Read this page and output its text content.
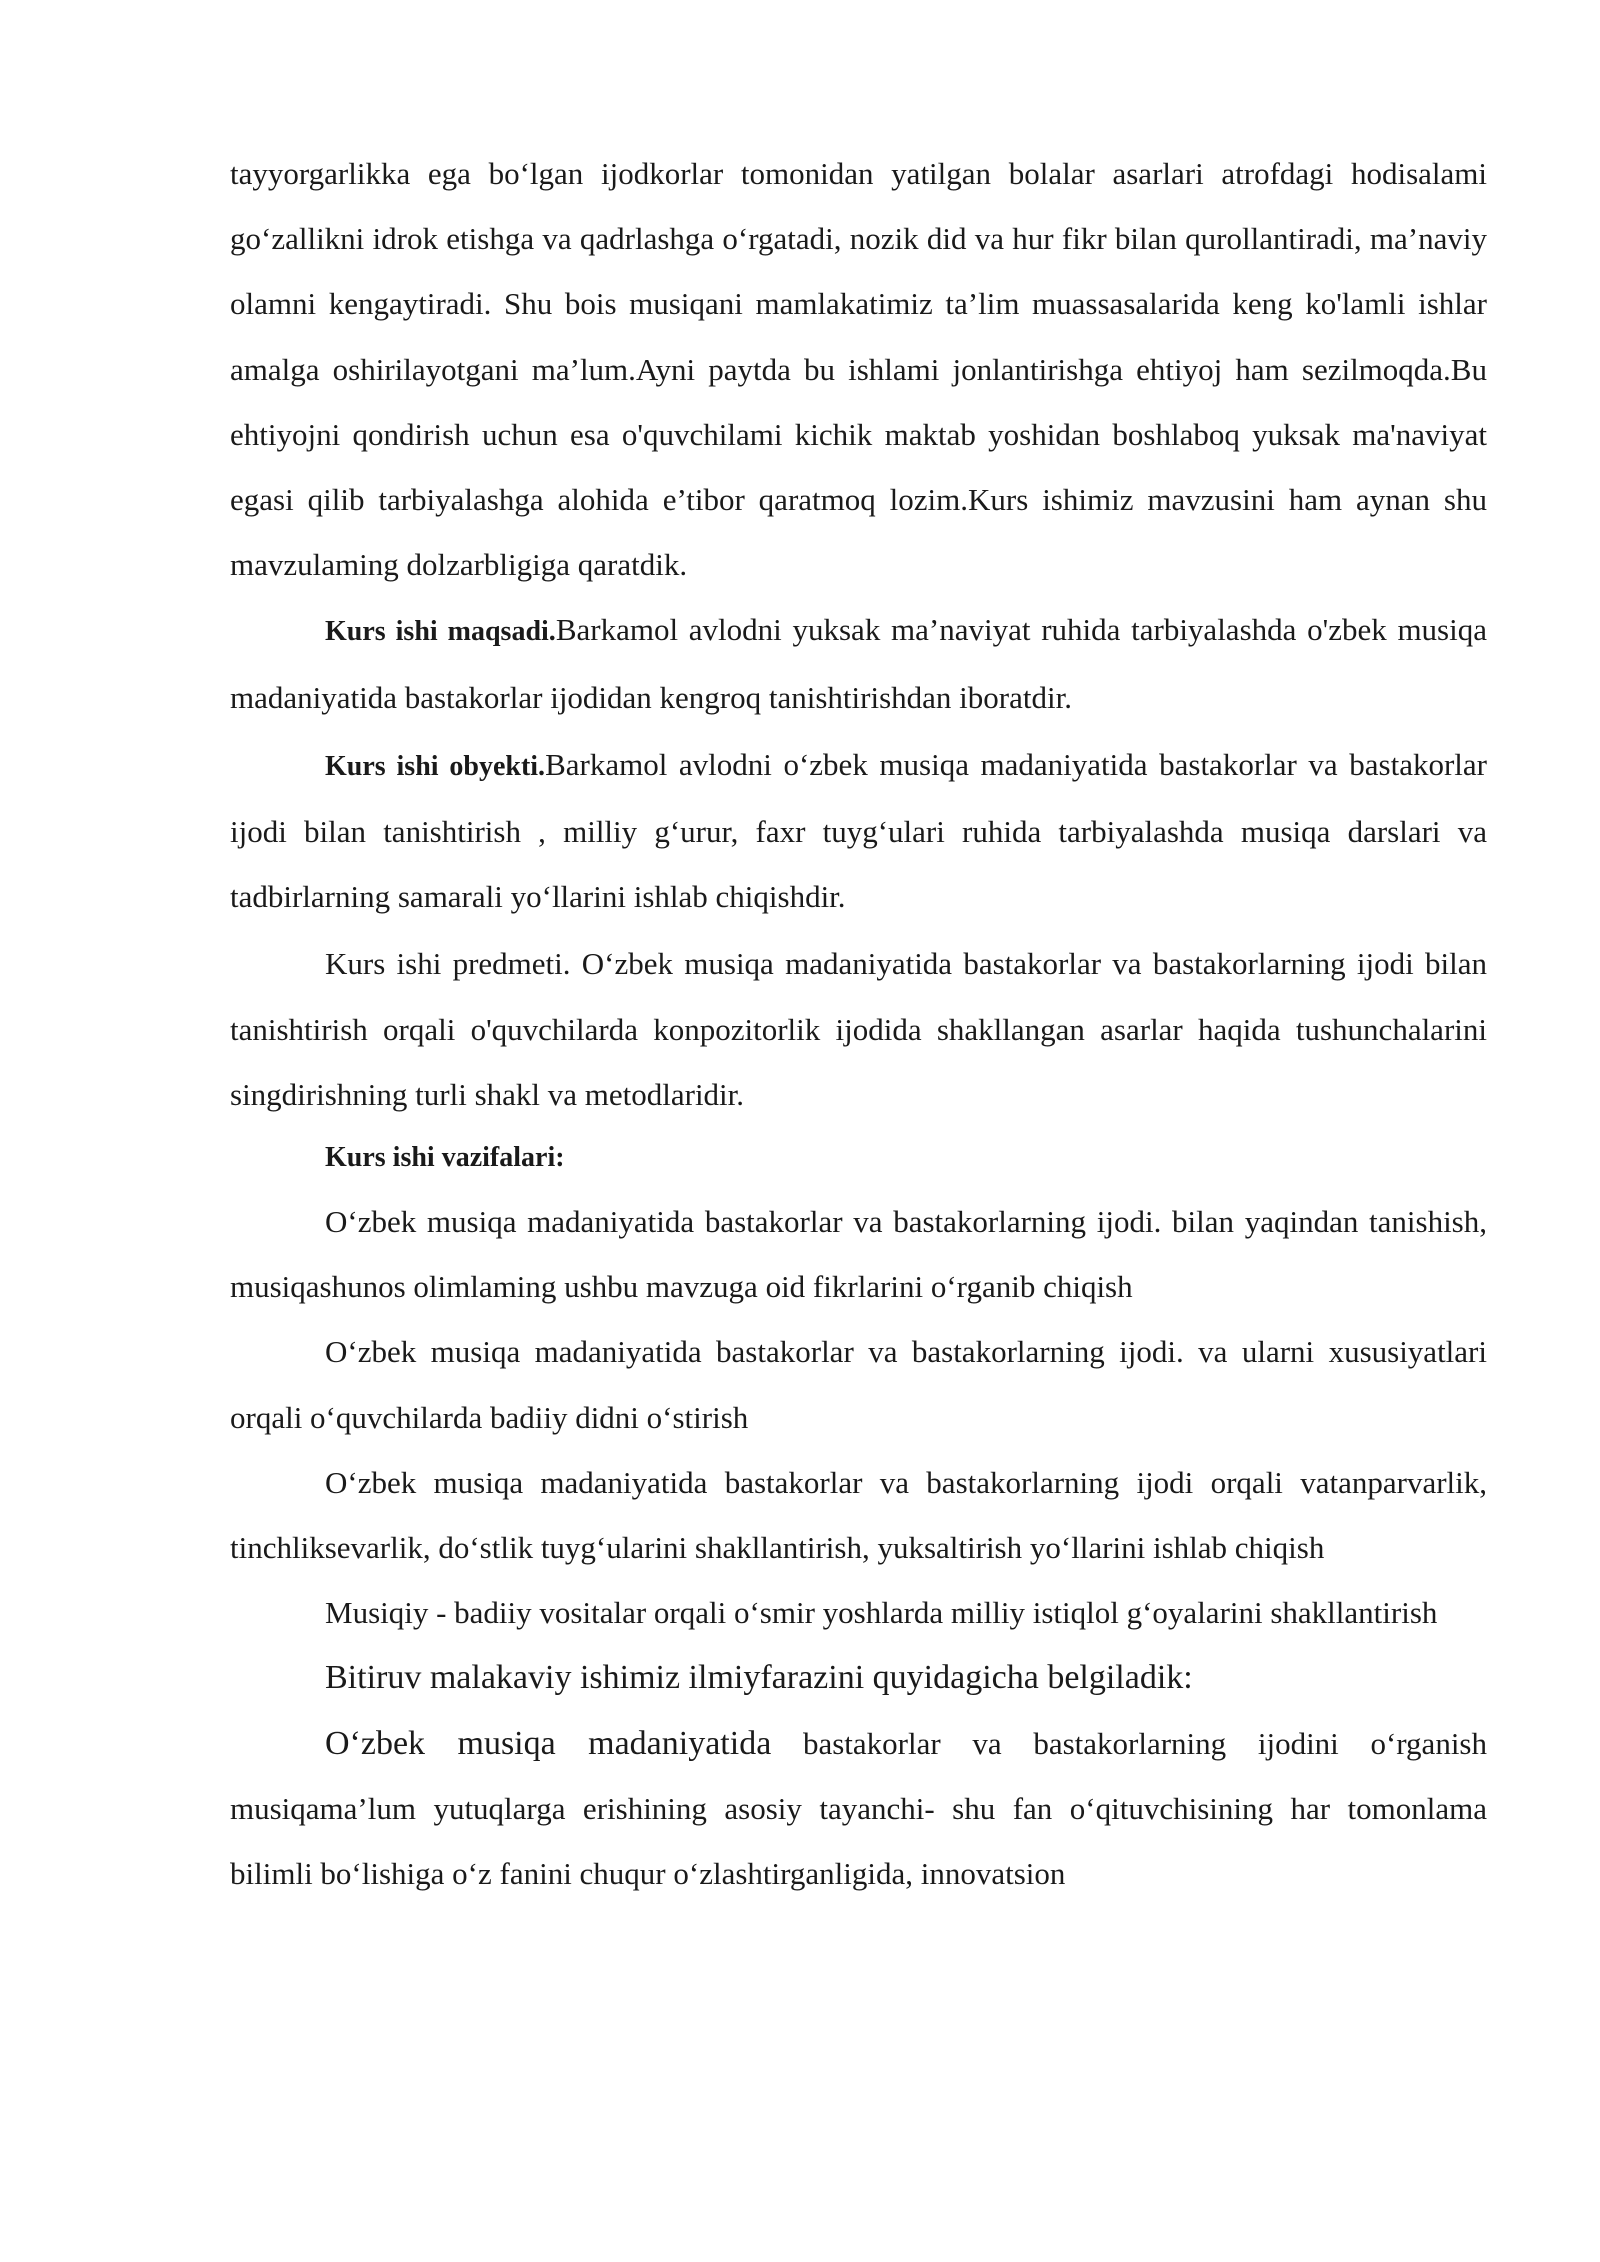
tayyorgarlikka ega bo‘lgan ijodkorlar tomonidan yatilgan bolalar asarlari atrofdagi hodisalami go‘zallikni idrok etishga va qadrlashga o‘rgatadi, nozik did va hur fikr bilan qurollantiradi, ma’naviy olamni kengaytiradi. Shu bois musiqani mamlakatimiz ta’lim muassasalarida keng ko'lamli ishlar amalga oshirilayotgani ma’lum.Ayni paytda bu ishlami jonlantirishga ehtiyoj ham sezilmoqda.Bu ehtiyojni qondirish uchun esa o'quvchilami kichik maktab yoshidan boshlaboq yuksak ma'naviyat egasi qilib tarbiyalashga alohida e’tibor qaratmoq lozim.Kurs ishimiz mavzusini ham aynan shu mavzulaming dolzarbligiga qaratdik.

Kurs ishi maqsadi.Barkamol avlodni yuksak ma’naviyat ruhida tarbiyalashda o'zbek musiqa madaniyatida bastakorlar ijodidan kengroq tanishtirishdan iboratdir.

Kurs ishi obyekti.Barkamol avlodni o‘zbek musiqa madaniyatida bastakorlar va bastakorlar ijodi bilan tanishtirish , milliy g‘urur, faxr tuyg‘ulari ruhida tarbiyalashda musiqa darslari va tadbirlarning samarali yo‘llarini ishlab chiqishdir.

Kurs ishi predmeti. O‘zbek musiqa madaniyatida bastakorlar va bastakorlarning ijodi bilan tanishtirish orqali o'quvchilarda konpozitorlik ijodida shakllangan asarlar haqida tushunchalarini singdirishning turli shakl va metodlaridir.

Kurs ishi vazifalari:

O‘zbek musiqa madaniyatida bastakorlar va bastakorlarning ijodi. bilan yaqindan tanishish, musiqashunos olimlaming ushbu mavzuga oid fikrlarini o‘rganib chiqish

O‘zbek musiqa madaniyatida bastakorlar va bastakorlarning ijodi. va ularni xususiyatlari orqali o‘quvchilarda badiiy didni o‘stirish

O‘zbek musiqa madaniyatida bastakorlar va bastakorlarning ijodi orqali vatanparvarlik, tinchliksevarlik, do‘stlik tuyg‘ularini shakllantirish, yuksaltirish yo‘llarini ishlab chiqish

Musiqiy - badiiy vositalar orqali o‘smir yoshlarda milliy istiqlol g‘oyalarini shakllantirish

Bitiruv malakaviy ishimiz ilmiyfarazini quyidagicha belgiladik:

O‘zbek musiqa madaniyatida bastakorlar va bastakorlarning ijodini o‘rganish musiqama’lum yutuqlarga erishining asosiy tayanchi- shu fan o‘qituvchisining har tomonlama bilimli bo‘lishiga o‘z fanini chuqur o‘zlashtirganligida, innovatsion
